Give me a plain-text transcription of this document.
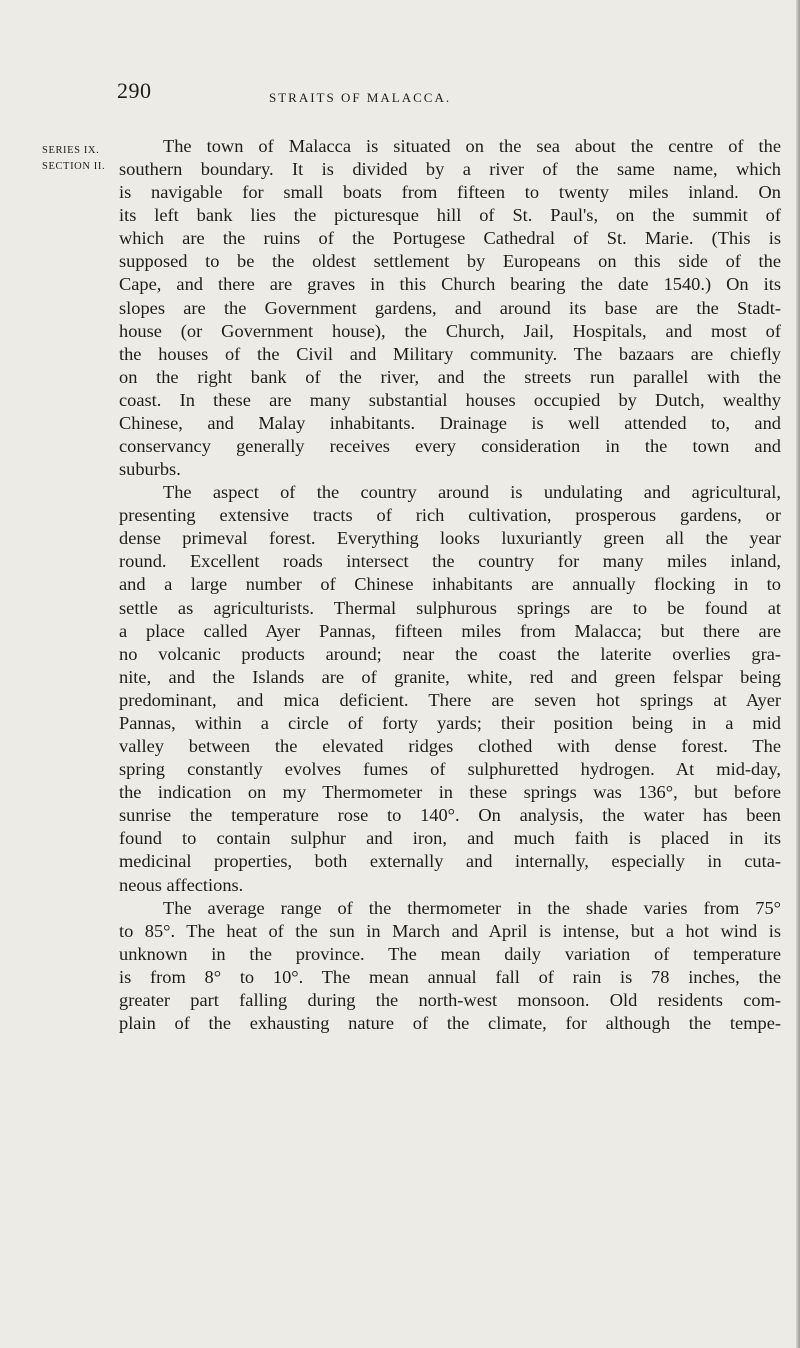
290	STRAITS OF MALACCA.
SERIES IX.
SECTION II.
The town of Malacca is situated on the sea about the centre of the
southern boundary. It is divided by a river of the same name, which
is navigable for small boats from fifteen to twenty miles inland. On
its left bank lies the picturesque hill of St. Paul's, on the summit of
which are the ruins of the Portugese Cathedral of St. Marie. (This is
supposed to be the oldest settlement by Europeans on this side of the
Cape, and there are graves in this Church bearing the date 1540.) On its
slopes are the Government gardens, and around its base are the Stadt-
house (or Government house), the Church, Jail, Hospitals, and most of
the houses of the Civil and Military community. The bazaars are chiefly
on the right bank of the river, and the streets run parallel with the
coast. In these are many substantial houses occupied by Dutch, wealthy
Chinese, and Malay inhabitants. Drainage is well attended to, and
conservancy generally receives every consideration in the town and
suburbs.
The aspect of the country around is undulating and agricultural,
presenting extensive tracts of rich cultivation, prosperous gardens, or
dense primeval forest. Everything looks luxuriantly green all the year
round. Excellent roads intersect the country for many miles inland,
and a large number of Chinese inhabitants are annually flocking in to
settle as agriculturists. Thermal sulphurous springs are to be found at
a place called Ayer Pannas, fifteen miles from Malacca; but there are
no volcanic products around; near the coast the laterite overlies gra-
nite, and the Islands are of granite, white, red and green felspar being
predominant, and mica deficient. There are seven hot springs at Ayer
Pannas, within a circle of forty yards; their position being in a mid
valley between the elevated ridges clothed with dense forest. The
spring constantly evolves fumes of sulphuretted hydrogen. At mid-day,
the indication on my Thermometer in these springs was 136°, but before
sunrise the temperature rose to 140°. On analysis, the water has been
found to contain sulphur and iron, and much faith is placed in its
medicinal properties, both externally and internally, especially in cuta-
neous affections.
The average range of the thermometer in the shade varies from 75°
to 85°. The heat of the sun in March and April is intense, but a hot wind is
unknown in the province. The mean daily variation of temperature
is from 8° to 10°. The mean annual fall of rain is 78 inches, the
greater part falling during the north-west monsoon. Old residents com-
plain of the exhausting nature of the climate, for although the tempe-
